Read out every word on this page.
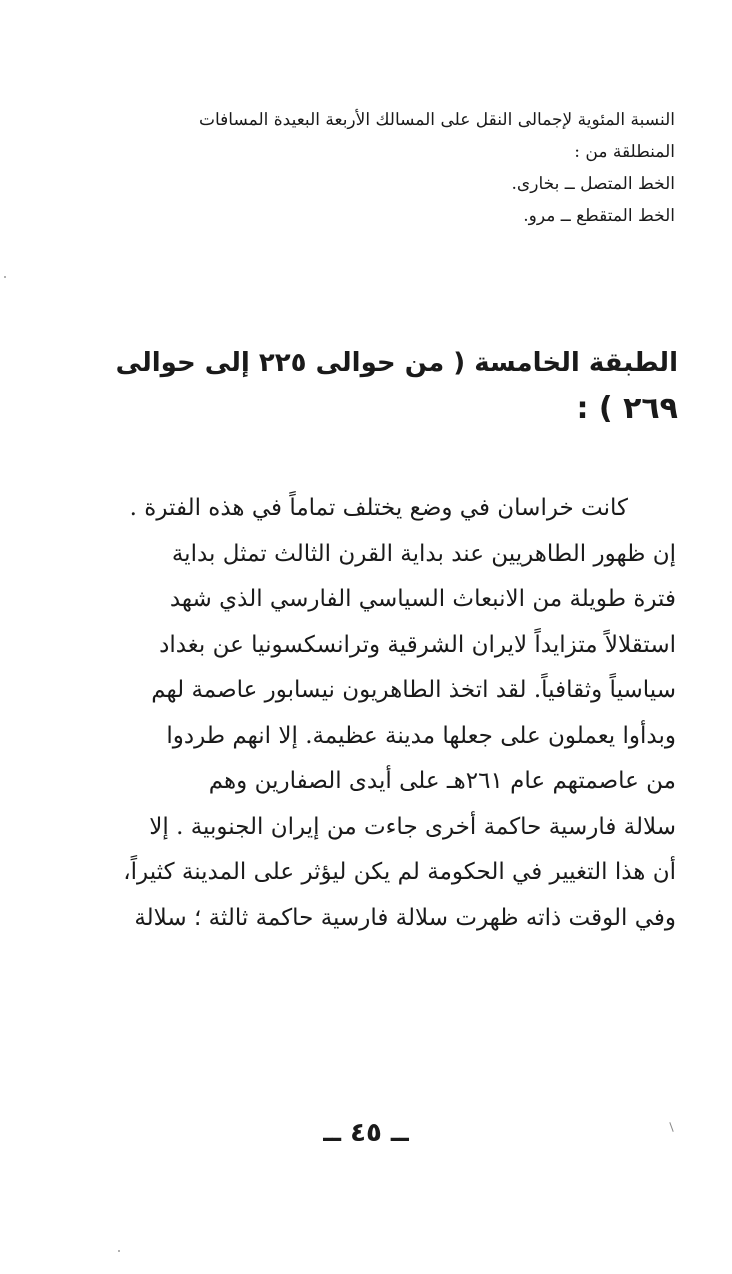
النسبة المئوية لإجمالى النقل على المسالك الأربعة البعيدة المسافات
المنطلقة من :
الخط المتصل ــ بخارى.
الخط المتقطع ــ مرو.
الطبقة الخامسة ( من حوالى ٢٢٥ إلى حوالى
٢٦٩ ) :
كانت خراسان في وضع يختلف تماماً في هذه الفترة .
إن ظهور الطاهريين عند بداية القرن الثالث تمثل بداية
فترة طويلة من الانبعاث السياسي الفارسي الذي شهد
استقلالاً متزايداً لايران الشرقية وترانسكسونيا عن بغداد
سياسياً وثقافياً. لقد اتخذ الطاهريون نيسابور عاصمة لهم
وبدأوا يعملون على جعلها مدينة عظيمة. إلا انهم طردوا
من عاصمتهم عام ٢٦١هـ على أيدى الصفارين وهم
سلالة فارسية حاكمة أخرى جاءت من إيران الجنوبية . إلا
أن هذا التغيير في الحكومة لم يكن ليؤثر على المدينة كثيراً،
وفي الوقت ذاته ظهرت سلالة فارسية حاكمة ثالثة ؛ سلالة
ــ ٤٥ ــ
